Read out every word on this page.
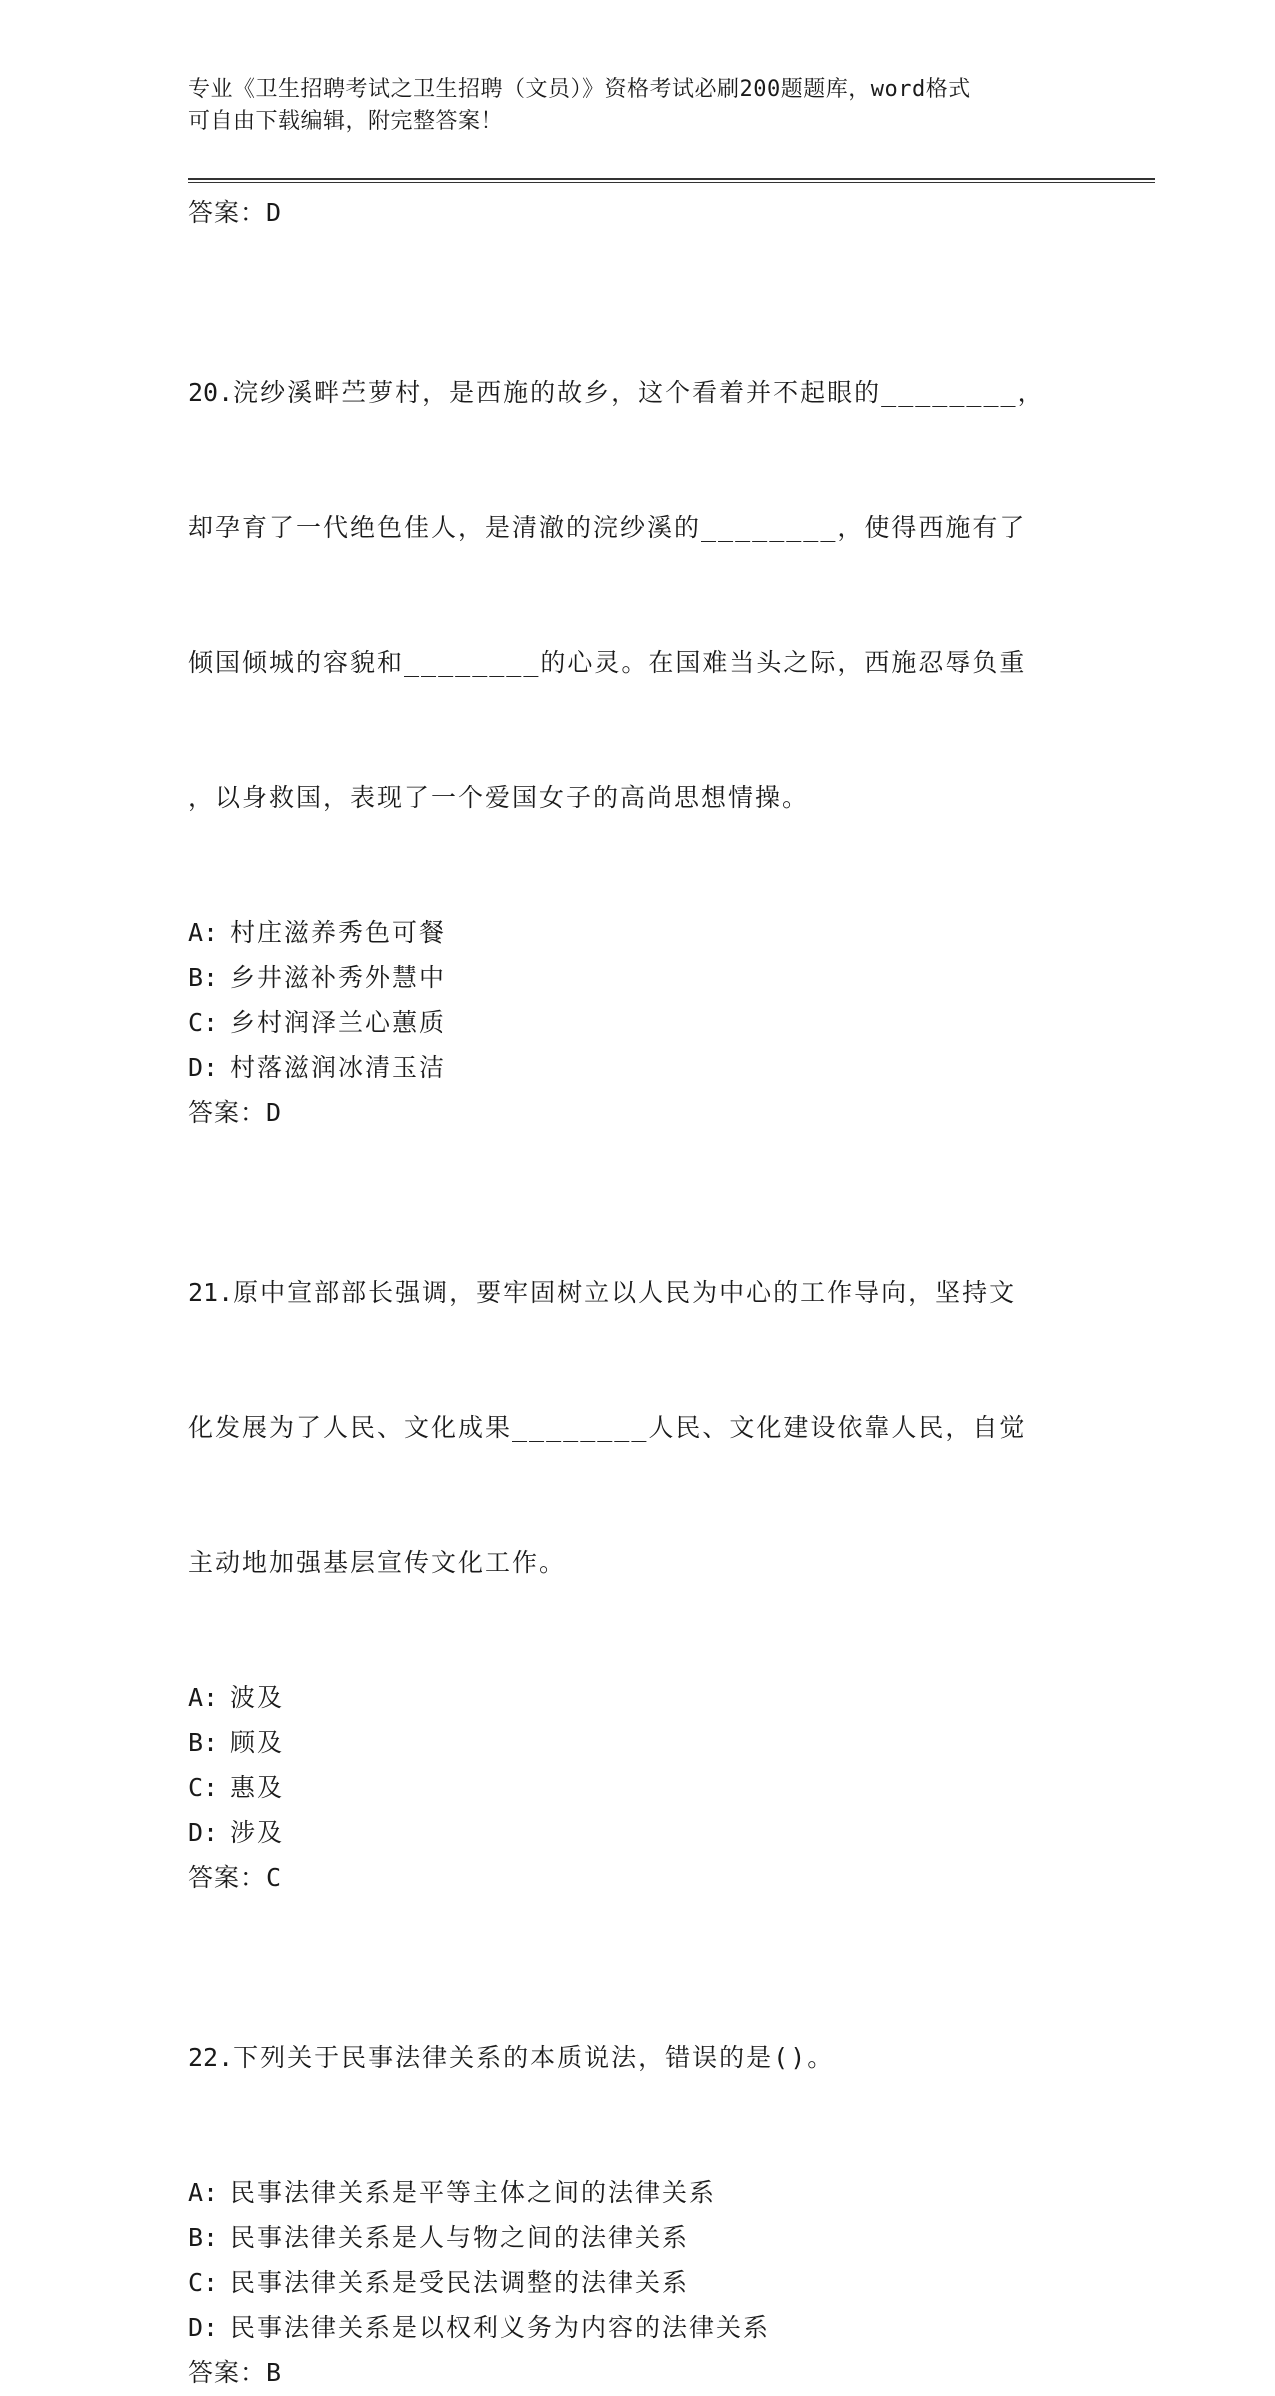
专业《卫生招聘考试之卫生招聘（文员）》资格考试必刷200题题库，word格式
可自由下载编辑，附完整答案！
答案：D

20.浣纱溪畔苎萝村，是西施的故乡，这个看着并不起眼的________，

却孕育了一代绝色佳人，是清澈的浣纱溪的________，使得西施有了

倾国倾城的容貌和________的心灵。在国难当头之际，西施忍辱负重

，以身救国，表现了一个爱国女子的高尚思想情操。

A: 村庄滋养秀色可餐
B: 乡井滋补秀外慧中
C: 乡村润泽兰心蕙质
D: 村落滋润冰清玉洁
答案：D

21.原中宣部部长强调，要牢固树立以人民为中心的工作导向，坚持文

化发展为了人民、文化成果________人民、文化建设依靠人民，自觉

主动地加强基层宣传文化工作。

A: 波及
B: 顾及
C: 惠及
D: 涉及
答案：C

22.下列关于民事法律关系的本质说法，错误的是()。

A: 民事法律关系是平等主体之间的法律关系
B: 民事法律关系是人与物之间的法律关系
C: 民事法律关系是受民法调整的法律关系
D: 民事法律关系是以权利义务为内容的法律关系
答案：B
